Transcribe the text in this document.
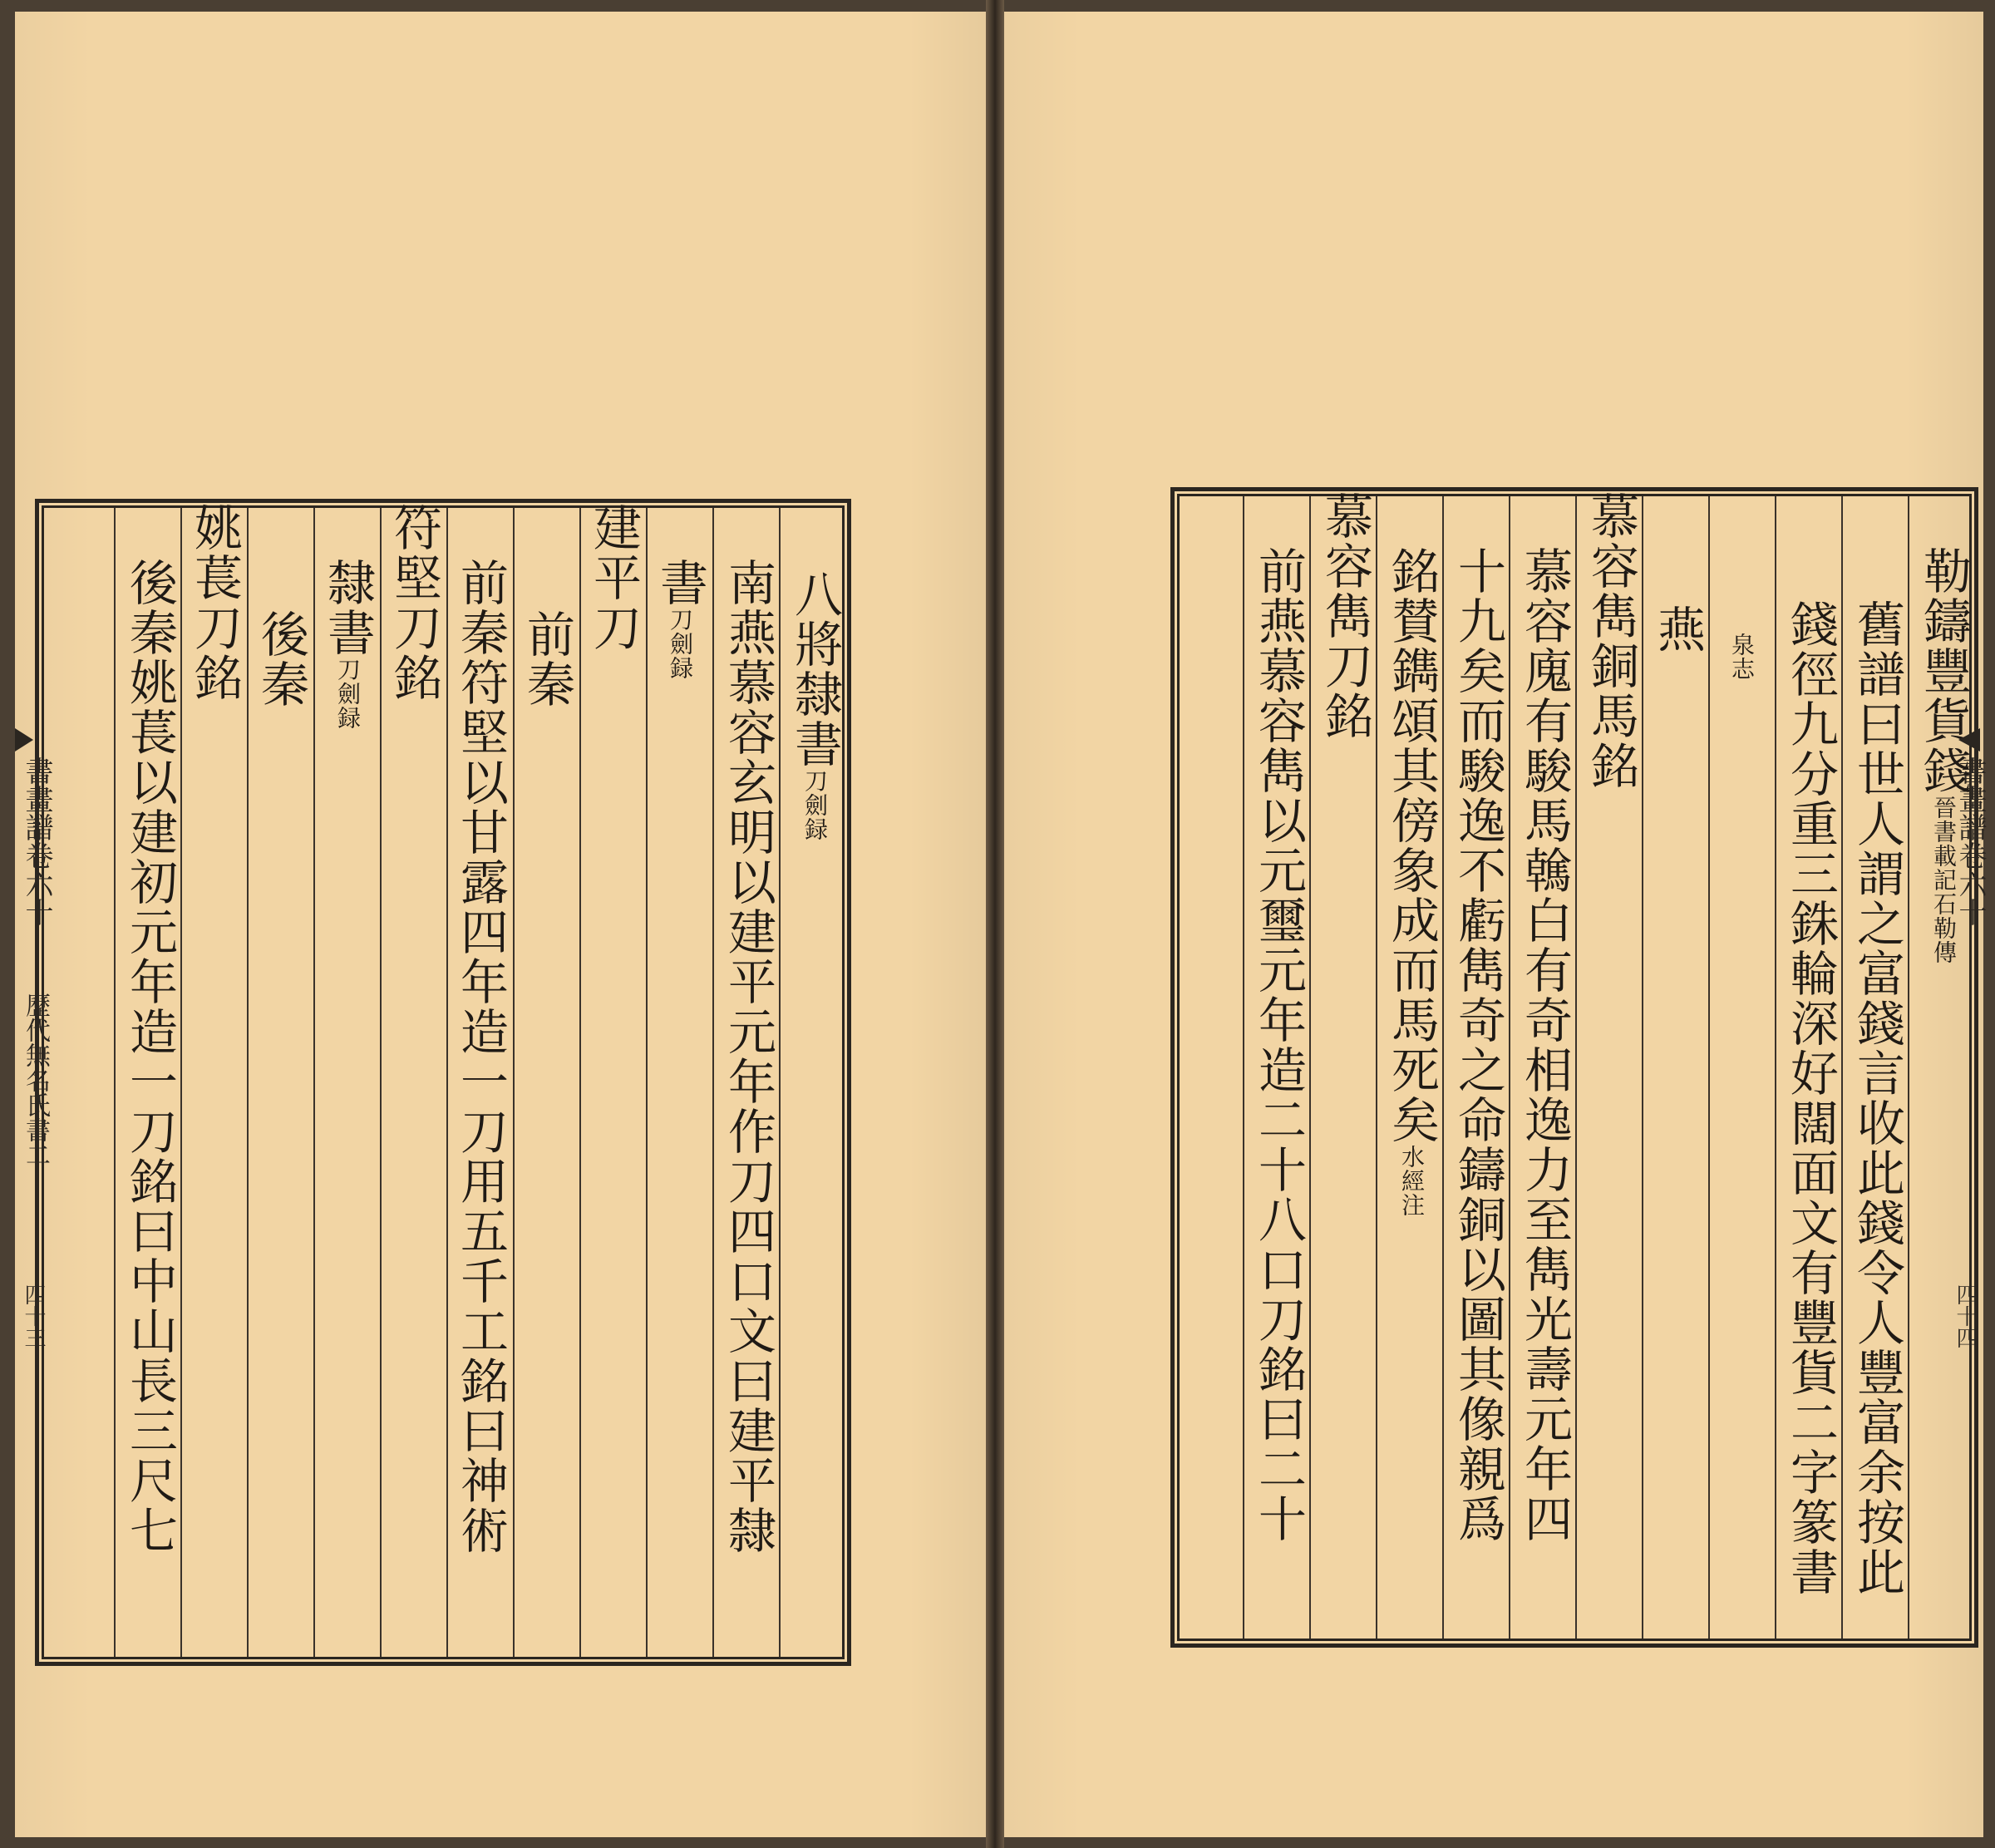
八將隸書刀劍録
南燕慕容玄明以建平元年作刀四口文曰建平隸
書刀劍録
建平刀
前秦
前秦符堅以甘露四年造一刀用五千工銘曰神術
符堅刀銘
隸書刀劍録
後秦
後秦姚萇以建初元年造一刀銘曰中山長三尺七 姚萇刀銘
書畫譜卷六十
歷代無名氏書二
四十三
勒鑄豐貨錢晉書載記石勒傳
舊譜曰世人謂之富錢言收此錢令人豐富余按此
錢徑九分重三銖輪深好闊面文有豐貨二字篆書
泉志
燕
慕容雋銅馬銘
慕容廆有駿馬䮧白有奇相逸力至雋光壽元年四
十九矣而駿逸不虧雋奇之命鑄銅以圖其像親爲
銘賛鐫頌其傍象成而馬死矣水經注
慕容雋刀銘
前燕慕容雋以元璽元年造二十八口刀銘曰二十	書畫譜卷六十
四十四
